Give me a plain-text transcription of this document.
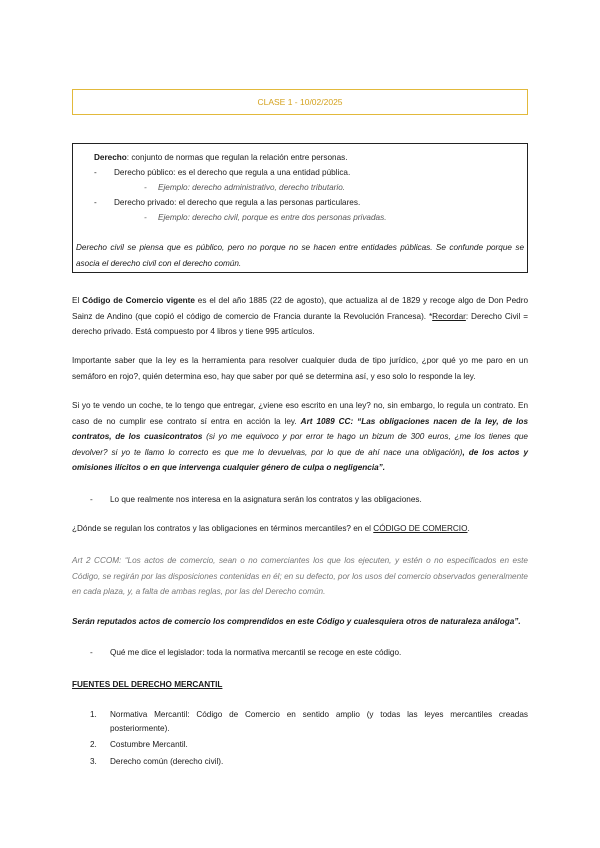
CLASE 1 - 10/02/2025
Derecho: conjunto de normas que regulan la relación entre personas.
- Derecho público: es el derecho que regula a una entidad pública.
- Ejemplo: derecho administrativo, derecho tributario.
- Derecho privado: el derecho que regula a las personas particulares.
- Ejemplo: derecho civil, porque es entre dos personas privadas.
Derecho civil se piensa que es público, pero no porque no se hacen entre entidades públicas. Se confunde porque se asocia el derecho civil con el derecho común.
El Código de Comercio vigente es el del año 1885 (22 de agosto), que actualiza al de 1829 y recoge algo de Don Pedro Sainz de Andino (que copió el código de comercio de Francia durante la Revolución Francesa). *Recordar: Derecho Civil = derecho privado. Está compuesto por 4 libros y tiene 995 artículos.
Importante saber que la ley es la herramienta para resolver cualquier duda de tipo jurídico, ¿por qué yo me paro en un semáforo en rojo?, quién determina eso, hay que saber por qué se determina así, y eso solo lo responde la ley.
Si yo te vendo un coche, te lo tengo que entregar, ¿viene eso escrito en una ley? no, sin embargo, lo regula un contrato. En caso de no cumplir ese contrato sí entra en acción la ley. Art 1089 CC: “Las obligaciones nacen de la ley, de los contratos, de los cuasicontratos (si yo me equivoco y por error te hago un bizum de 300 euros, ¿me los tienes que devolver? si yo te llamo lo correcto es que me lo devuelvas, por lo que de ahí nace una obligación), de los actos y omisiones ilícitos o en que intervenga cualquier género de culpa o negligencia”.
- Lo que realmente nos interesa en la asignatura serán los contratos y las obligaciones.
¿Dónde se regulan los contratos y las obligaciones en términos mercantiles? en el CÓDIGO DE COMERCIO.
Art 2 CCOM: “Los actos de comercio, sean o no comerciantes los que los ejecuten, y estén o no especificados en este Código, se regirán por las disposiciones contenidas en él; en su defecto, por los usos del comercio observados generalmente en cada plaza, y, a falta de ambas reglas, por las del Derecho común.
Serán reputados actos de comercio los comprendidos en este Código y cualesquiera otros de naturaleza análoga”.
- Qué me dice el legislador: toda la normativa mercantil se recoge en este código.
FUENTES DEL DERECHO MERCANTIL
1. Normativa Mercantil: Código de Comercio en sentido amplio (y todas las leyes mercantiles creadas posteriormente).
2. Costumbre Mercantil.
3. Derecho común (derecho civil).
